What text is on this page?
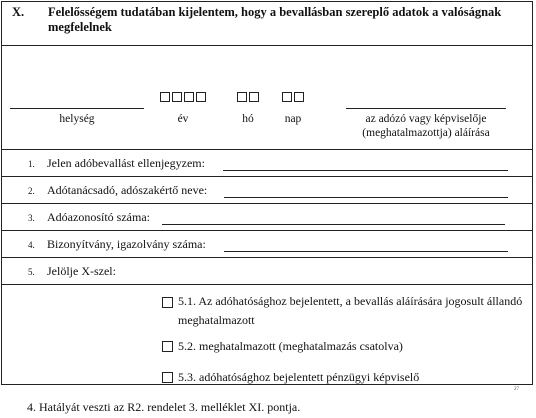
X. Felelősségem tudatában kijelentem, hogy a bevallásban szereplő adatok a valóságnak megfelelnek
helység	év	hó	nap	az adózó vagy képviselője (meghatalmazottja) aláírása
1. Jelen adóbevallást ellenjegyzem:
2. Adótanácsadó, adószakértő neve:
3. Adóazonosító száma:
4. Bizonyítvány, igazolvány száma:
5. Jelölje X-szel:
5.1. Az adóhatósághoz bejelentett, a bevallás aláírására jogosult állandó meghatalmazott
5.2. meghatalmazott (meghatalmazás csatolva)
5.3. adóhatósághoz bejelentett pénzügyi képviselő
27
4. Hatályát veszti az R2. rendelet 3. melléklet XI. pontja.
